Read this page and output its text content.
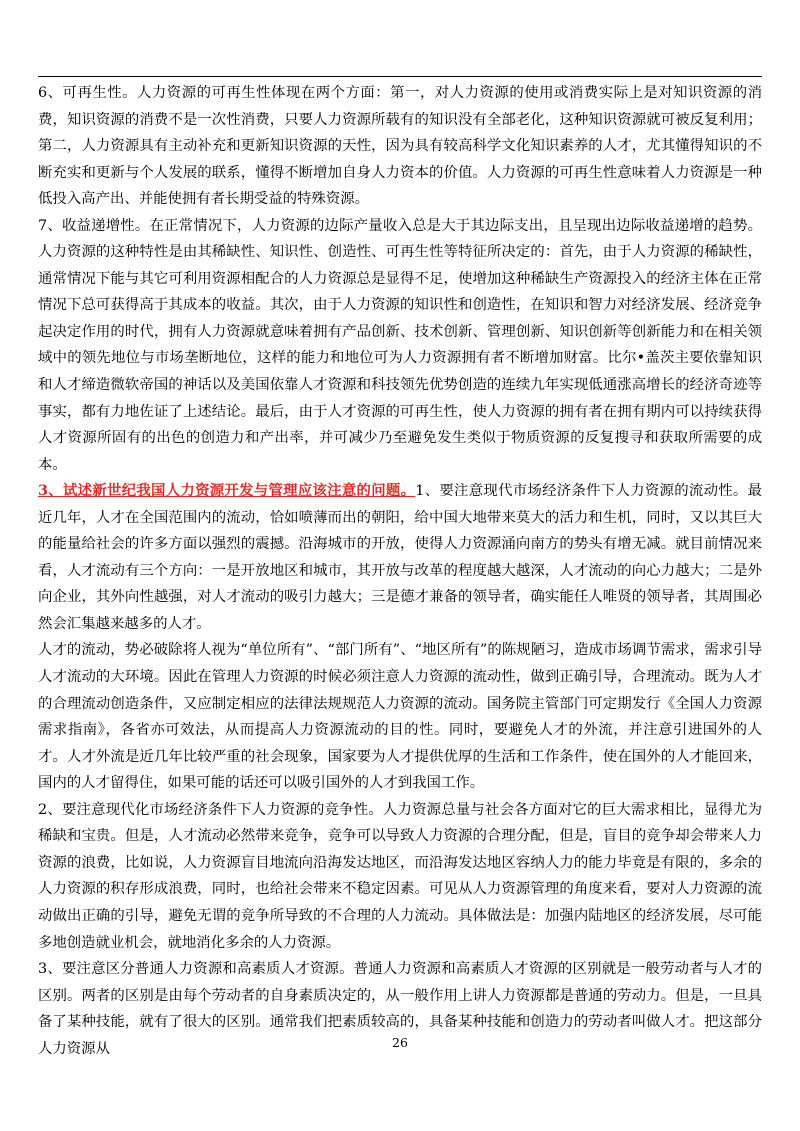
6、可再生性。人力资源的可再生性体现在两个方面：第一，对人力资源的使用或消费实际上是对知识资源的消费，知识资源的消费不是一次性消费，只要人力资源所载有的知识没有全部老化，这种知识资源就可被反复利用；第二，人力资源具有主动补充和更新知识资源的天性，因为具有较高科学文化知识素养的人才，尤其懂得知识的不断充实和更新与个人发展的联系，懂得不断增加自身人力资本的价值。人力资源的可再生性意味着人力资源是一种低投入高产出、并能使拥有者长期受益的特殊资源。

7、收益递增性。在正常情况下，人力资源的边际产量收入总是大于其边际支出，且呈现出边际收益递增的趋势。人力资源的这种特性是由其稀缺性、知识性、创造性、可再生性等特征所决定的：首先，由于人力资源的稀缺性，通常情况下能与其它可利用资源相配合的人力资源总是显得不足，使增加这种稀缺生产资源投入的经济主体在正常情况下总可获得高于其成本的收益。其次，由于人力资源的知识性和创造性，在知识和智力对经济发展、经济竞争起决定作用的时代，拥有人力资源就意味着拥有产品创新、技术创新、管理创新、知识创新等创新能力和在相关领域中的领先地位与市场垄断地位，这样的能力和地位可为人力资源拥有者不断增加财富。比尔•盖茨主要依靠知识和人才缔造微软帝国的神话以及美国依靠人才资源和科技领先优势创造的连续九年实现低通涨高增长的经济奇迹等事实，都有力地佐证了上述结论。最后，由于人才资源的可再生性，使人力资源的拥有者在拥有期内可以持续获得人才资源所固有的出色的创造力和产出率，并可减少乃至避免发生类似于物质资源的反复搜寻和获取所需要的成本。

3、试述新世纪我国人力资源开发与管理应该注意的问题。1、要注意现代市场经济条件下人力资源的流动性。最近几年，人才在全国范围内的流动，恰如喷薄而出的朝阳，给中国大地带来莫大的活力和生机，同时，又以其巨大的能量给社会的许多方面以强烈的震撼。沿海城市的开放，使得人力资源涌向南方的势头有增无减。就目前情况来看，人才流动有三个方向：一是开放地区和城市，其开放与改革的程度越大越深，人才流动的向心力越大；二是外向企业，其外向性越强，对人才流动的吸引力越大；三是德才兼备的领导者，确实能任人唯贤的领导者，其周围必然会汇集越来越多的人才。

人才的流动，势必破除将人视为“单位所有”、“部门所有”、“地区所有”的陈规陋习，造成市场调节需求，需求引导人才流动的大环境。因此在管理人力资源的时候必须注意人力资源的流动性，做到正确引导，合理流动。既为人才的合理流动创造条件，又应制定相应的法律法规规范人力资源的流动。国务院主管部门可定期发行《全国人力资源需求指南》，各省亦可效法，从而提高人力资源流动的目的性。同时，要避免人才的外流，并注意引进国外的人才。人才外流是近几年比较严重的社会现象，国家要为人才提供优厚的生活和工作条件，使在国外的人才能回来，国内的人才留得住，如果可能的话还可以吸引国外的人才到我国工作。

2、要注意现代化市场经济条件下人力资源的竞争性。人力资源总量与社会各方面对它的巨大需求相比，显得尤为稀缺和宝贵。但是，人才流动必然带来竞争，竞争可以导致人力资源的合理分配，但是，盲目的竞争却会带来人力资源的浪费，比如说，人力资源盲目地流向沿海发达地区，而沿海发达地区容纳人力的能力毕竟是有限的，多余的人力资源的积存形成浪费，同时，也给社会带来不稳定因素。可见从人力资源管理的角度来看，要对人力资源的流动做出正确的引导，避免无谓的竞争所导致的不合理的人力流动。具体做法是：加强内陆地区的经济发展，尽可能多地创造就业机会，就地消化多余的人力资源。

3、要注意区分普通人力资源和高素质人才资源。普通人力资源和高素质人才资源的区别就是一般劳动者与人才的区别。两者的区别是由每个劳动者的自身素质决定的，从一般作用上讲人力资源都是普通的劳动力。但是，一旦具备了某种技能，就有了很大的区别。通常我们把素质较高的，具备某种技能和创造力的劳动者叫做人才。把这部分人力资源从	26
